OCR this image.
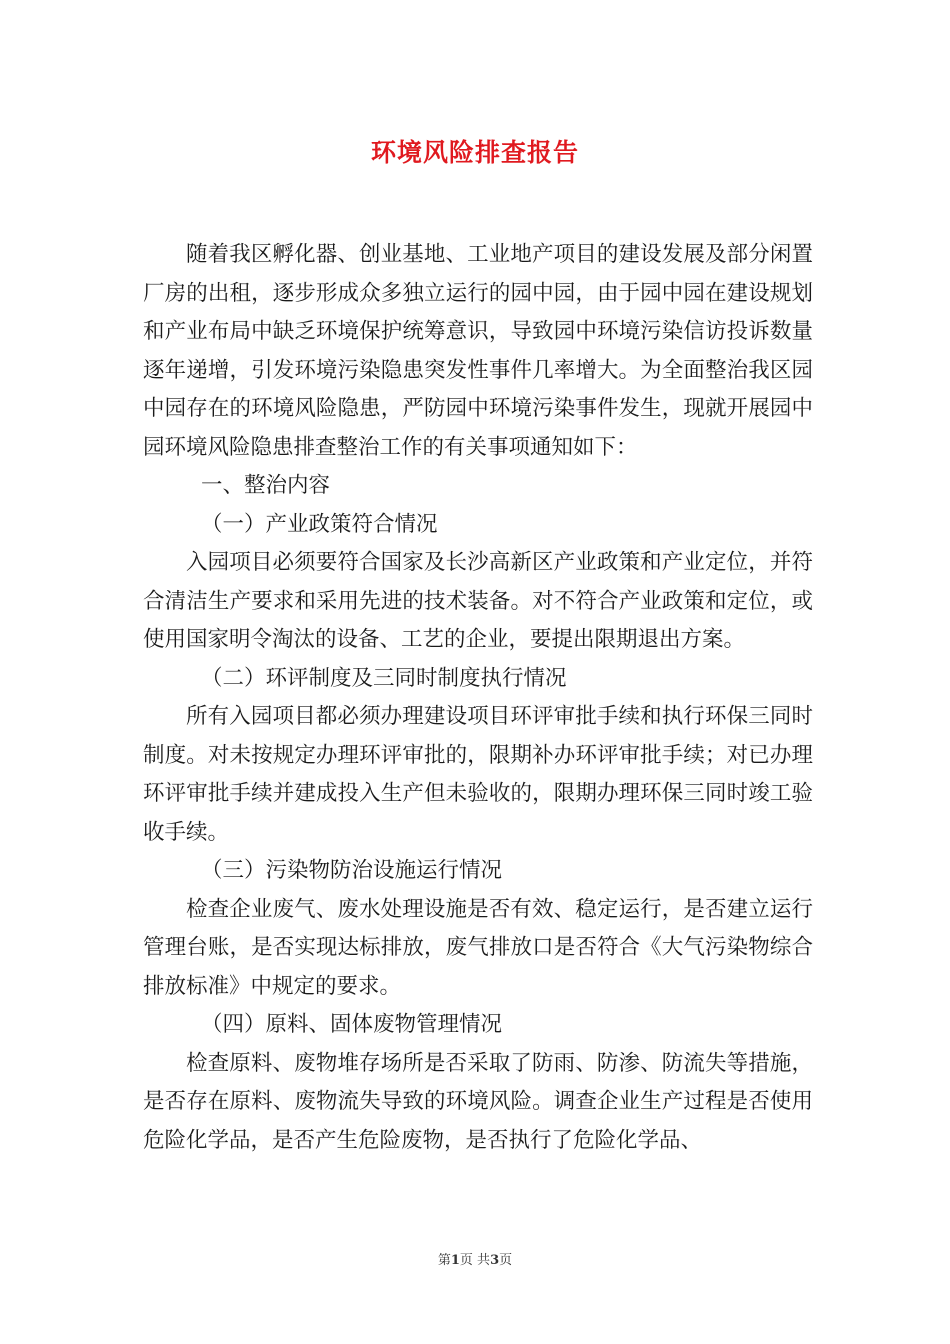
环境风险排查报告

随着我区孵化器、创业基地、工业地产项目的建设发展及部分闲置厂房的出租，逐步形成众多独立运行的园中园，由于园中园在建设规划和产业布局中缺乏环境保护统筹意识，导致园中环境污染信访投诉数量逐年递增，引发环境污染隐患突发性事件几率增大。为全面整治我区园中园存在的环境风险隐患，严防园中环境污染事件发生，现就开展园中园环境风险隐患排查整治工作的有关事项通知如下：

一、整治内容

（一）产业政策符合情况

入园项目必须要符合国家及长沙高新区产业政策和产业定位，并符合清洁生产要求和采用先进的技术装备。对不符合产业政策和定位，或使用国家明令淘汰的设备、工艺的企业，要提出限期退出方案。

（二）环评制度及三同时制度执行情况

所有入园项目都必须办理建设项目环评审批手续和执行环保三同时制度。对未按规定办理环评审批的，限期补办环评审批手续；对已办理环评审批手续并建成投入生产但未验收的，限期办理环保三同时竣工验收手续。

（三）污染物防治设施运行情况

检查企业废气、废水处理设施是否有效、稳定运行，是否建立运行管理台账，是否实现达标排放，废气排放口是否符合《大气污染物综合排放标准》中规定的要求。

（四）原料、固体废物管理情况

检查原料、废物堆存场所是否采取了防雨、防渗、防流失等措施，是否存在原料、废物流失导致的环境风险。调查企业生产过程是否使用危险化学品，是否产生危险废物，是否执行了危险化学品、

第1页 共3页
